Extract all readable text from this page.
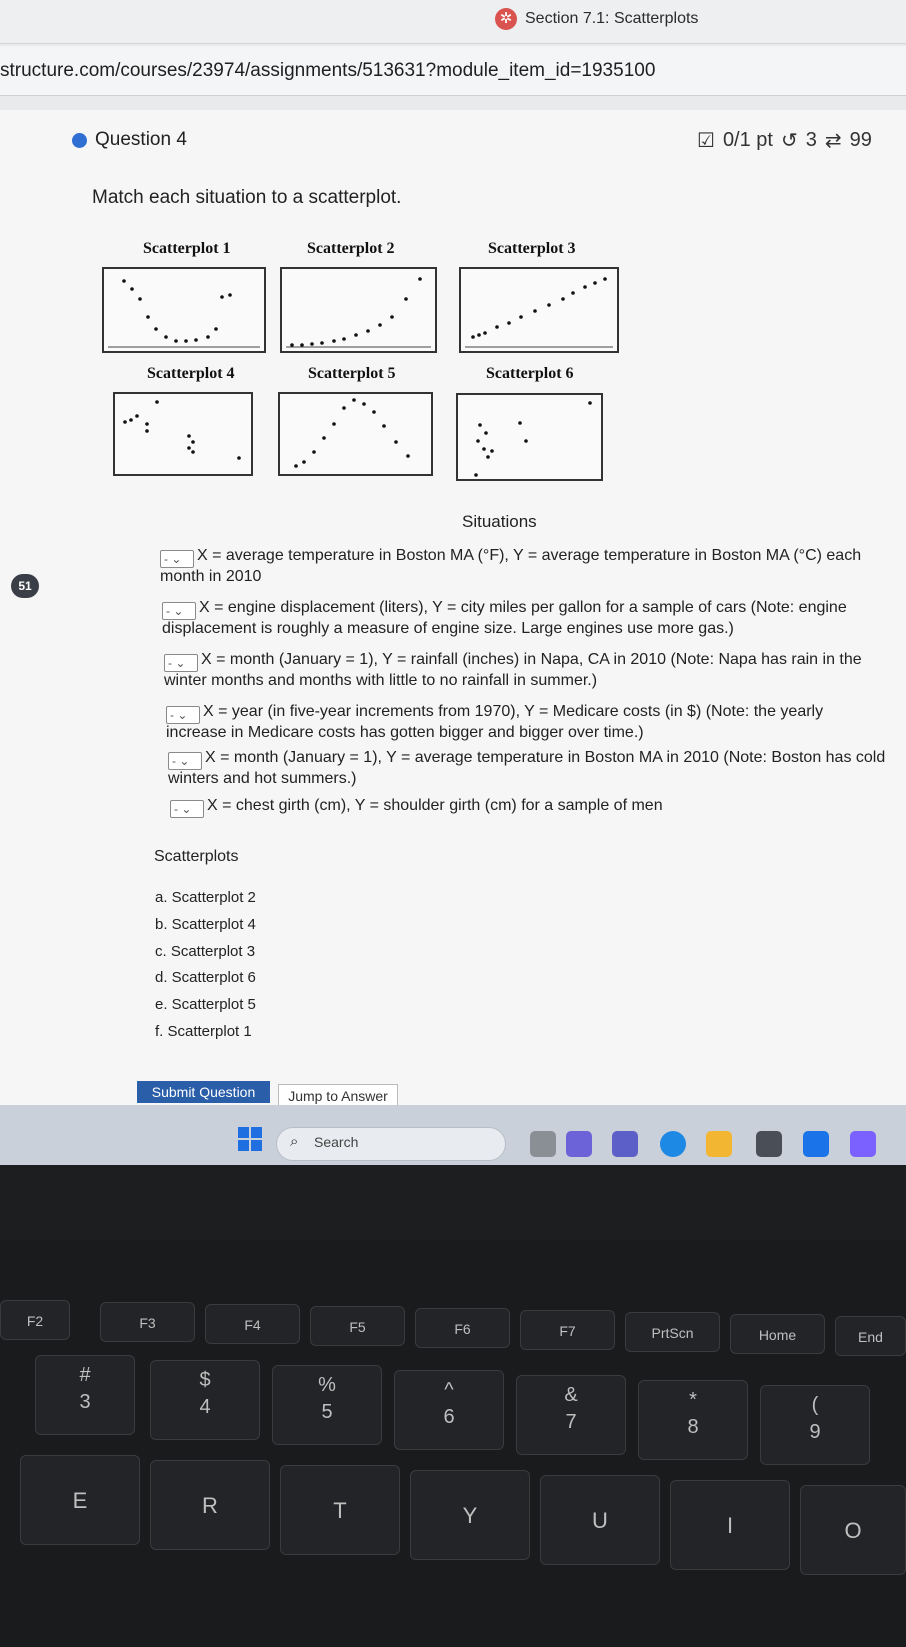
✲ Section 7.1: Scatterplots
structure.com/courses/23974/assignments/513631?module_item_id=1935100
Question 4	☑ 0/1 pt ↺ 3 ⇄ 99
Match each situation to a scatterplot.
Scatterplot 1	Scatterplot 2	Scatterplot 3
Scatterplot 4	Scatterplot 5	Scatterplot 6
51
Situations
- ⌄ X = average temperature in Boston MA (°F), Y = average temperature in Boston MA (°C) each month in 2010
- ⌄ X = engine displacement (liters), Y = city miles per gallon for a sample of cars (Note: engine displacement is roughly a measure of engine size. Large engines use more gas.)
- ⌄ X = month (January = 1), Y = rainfall (inches) in Napa, CA in 2010 (Note: Napa has rain in the winter months and months with little to no rainfall in summer.)
- ⌄ X = year (in five-year increments from 1970), Y = Medicare costs (in $) (Note: the yearly increase in Medicare costs has gotten bigger and bigger over time.)
- ⌄ X = month (January = 1), Y = average temperature in Boston MA in 2010 (Note: Boston has cold winters and hot summers.)
- ⌄ X = chest girth (cm), Y = shoulder girth (cm) for a sample of men
Scatterplots
a. Scatterplot 2
b. Scatterplot 4
c. Scatterplot 3
d. Scatterplot 6
e. Scatterplot 5
f. Scatterplot 1
Submit Question	Jump to Answer
⌕ Search
F2	F3	F4	F5	F6	F7	PrtScn	Home	End
#
3
$
4
%
5
^
6
&
7
*
8
(
9
E	R	T	Y	U	I	O
